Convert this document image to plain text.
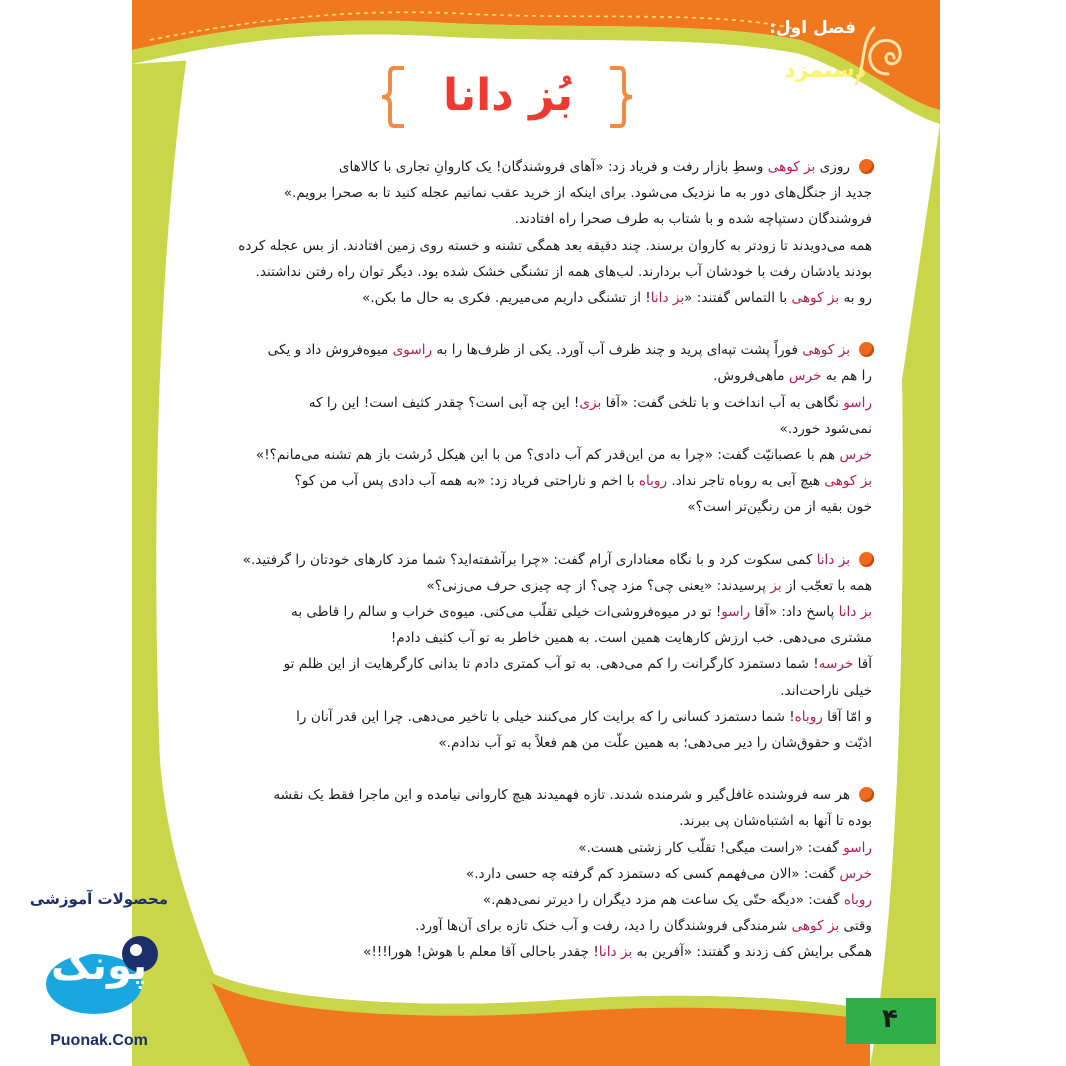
فصل اول:
دستمزد
بُز دانا
روزی بز کوهی وسطِ بازار رفت و فریاد زد: «آهای فروشندگان! یک کاروانِ تجاری با کالاهای
جدید از جنگل‌های دور به ما نزدیک می‌شود. برای اینکه از خرید عقب نمانیم عجله کنید تا به صحرا برویم.»
فروشندگان دستپاچه شده و با شتاب به طرف صحرا راه افتادند.
همه می‌دویدند تا زودتر به کاروان برسند. چند دقیقه بعد همگی تشنه و خسته روی زمین افتادند. از بس عجله کرده
بودند یادشان رفت با خودشان آب بردارند. لب‌های همه از تشنگی خشک شده بود. دیگر توان راه رفتن نداشتند.
رو به بز کوهی با التماس گفتند: «بز دانا! از تشنگی داریم می‌میریم. فکری به حال ما بکن.»
بز کوهی فوراً پشت تپه‌ای پرید و چند ظرف آب آورد. یکی از ظرف‌ها را به راسوی میوه‌فروش داد و یکی
را هم به خرس ماهی‌فروش.
راسو نگاهی به آب انداخت و با تلخی گفت: «آقا بزی! این چه آبی است؟ چقدر کثیف است! این را که
نمی‌شود خورد.»
خرس هم با عصبانیّت گفت: «چرا به من این‌قدر کم آب دادی؟ من با این هیکل دُرشت باز هم تشنه می‌مانم؟!»
بز کوهی هیچ آبی به روباه تاجر نداد. روباه با اخم و ناراحتی فریاد زد: «به همه آب دادی پس آب من کو؟
خون بقیه از من رنگین‌تر است؟»
بز دانا کمی سکوت کرد و با نگاه معناداری آرام گفت: «چرا برآشفته‌اید؟ شما مزد کارهای خودتان را گرفتید.»
همه با تعجّب از بز پرسیدند: «یعنی چی؟ مزد چی؟ از چه چیزی حرف می‌زنی؟»
بز دانا پاسخ داد: «آقا راسو! تو در میوه‌فروشی‌ات خیلی تقلّب می‌کنی. میوه‌ی خراب و سالم را قاطی به
مشتری می‌دهی. خب ارزش کارهایت همین است. به همین خاطر به تو آب کثیف دادم!
آقا خرسه! شما دستمزد کارگرانت را کم می‌دهی. به تو آب کمتری دادم تا بدانی کارگرهایت از این ظلم تو
خیلی ناراحت‌اند.
و امّا آقا روباه! شما دستمزد کسانی را که برایت کار می‌کنند خیلی با تاخیر می‌دهی. چرا این قدر آنان را
اذیّت و حقوق‌شان را دیر می‌دهی؛ به همین علّت من هم فعلاً به تو آب ندادم.»
هر سه فروشنده غافل‌گیر و شرمنده شدند. تازه فهمیدند هیچ کاروانی نیامده و این ماجرا فقط یک نقشه
بوده تا آنها به اشتباه‌شان پی ببرند.
راسو گفت: «راست میگی! تقلّب کار زشتی هست.»
خرس گفت: «الان می‌فهمم کسی که دستمزد کم گرفته چه حسی دارد.»
روباه گفت: «دیگه حتّی یک ساعت هم مزد دیگران را دیرتر نمی‌دهم.»
وقتی بز کوهی شرمندگی فروشندگان را دید، رفت و آب خنک تازه برای آن‌ها آورد.
همگی برایش کف زدند و گفتند: «آفرین به بز دانا! چقدر باحالی آقا معلم با هوش! هورا!!!»
۴
محصولات آموزشی
پونک
Puonak.Com
